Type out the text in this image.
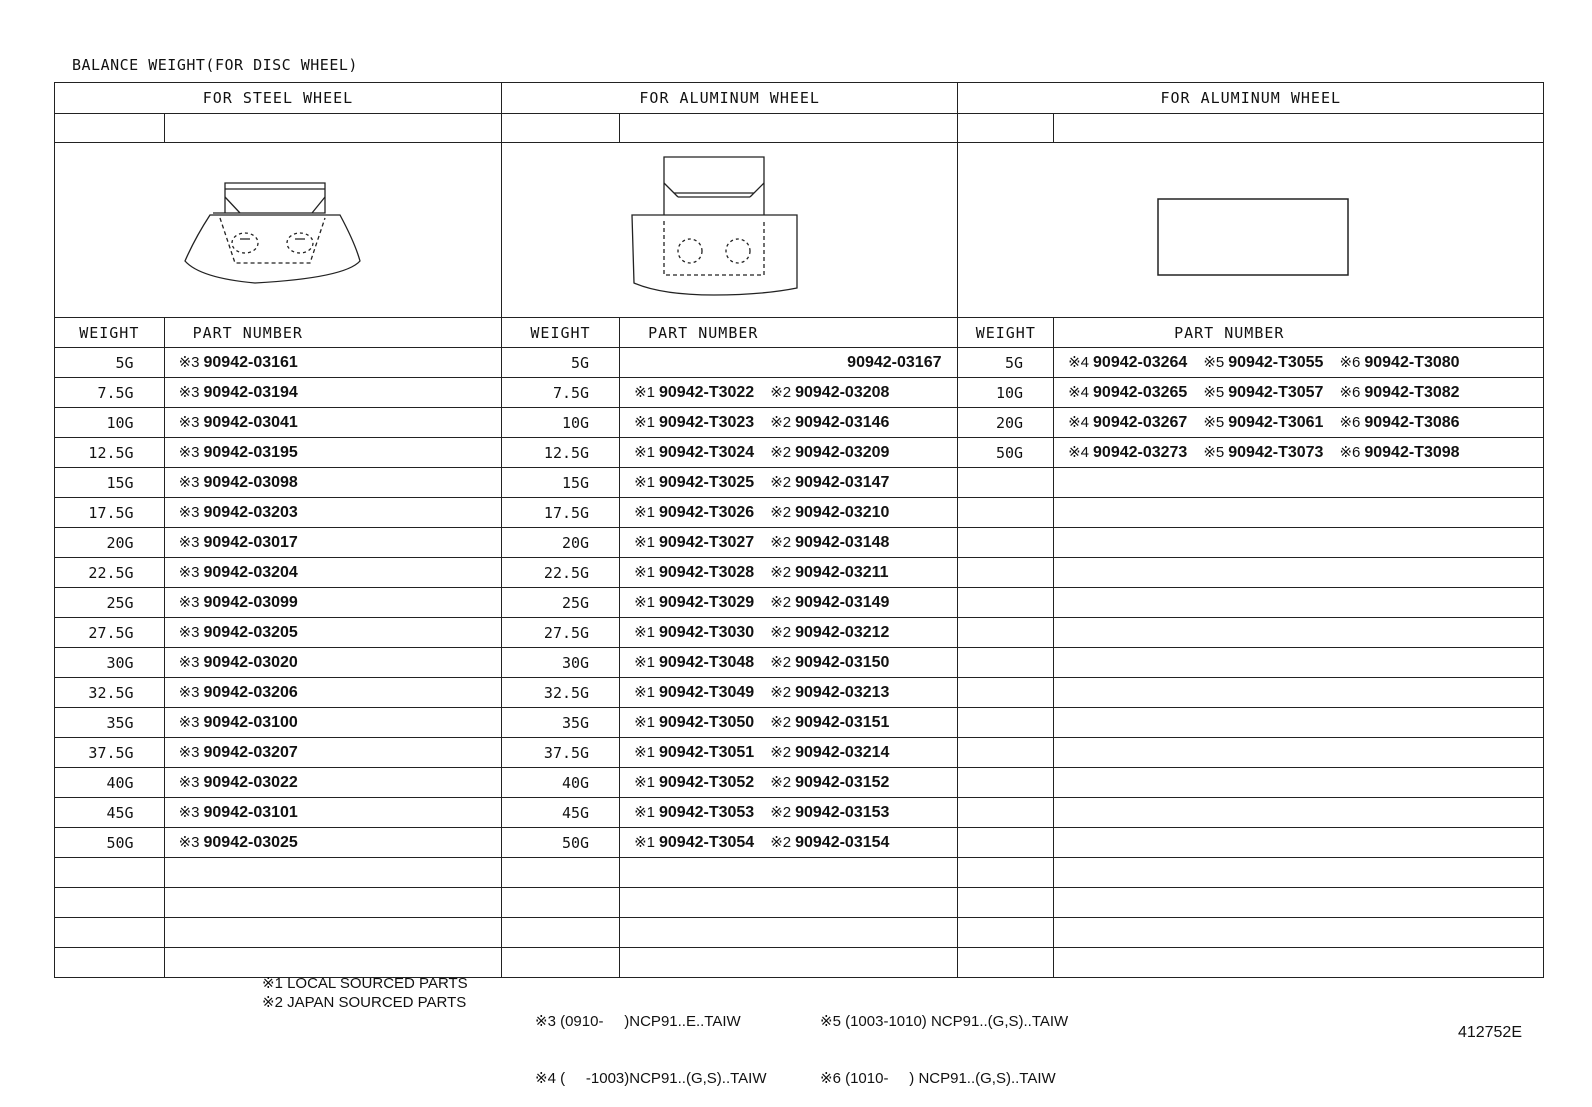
BALANCE WEIGHT(FOR DISC WHEEL)
FOR STEEL WHEEL		FOR ALUMINUM WHEEL		FOR ALUMINUM WHEEL	

WEIGHT	PART NUMBER	WEIGHT	PART NUMBER	WEIGHT	PART NUMBER
5G	※3 90942-03161	5G	90942-03167	5G	※4 90942-03264 ※5 90942-T3055 ※6 90942-T3080
7.5G	※3 90942-03194	7.5G	※1 90942-T3022 ※2 90942-03208	10G	※4 90942-03265 ※5 90942-T3057 ※6 90942-T3082
10G	※3 90942-03041	10G	※1 90942-T3023 ※2 90942-03146	20G	※4 90942-03267 ※5 90942-T3061 ※6 90942-T3086
12.5G	※3 90942-03195	12.5G	※1 90942-T3024 ※2 90942-03209	50G	※4 90942-03273 ※5 90942-T3073 ※6 90942-T3098
15G	※3 90942-03098	15G	※1 90942-T3025 ※2 90942-03147		
17.5G	※3 90942-03203	17.5G	※1 90942-T3026 ※2 90942-03210		
20G	※3 90942-03017	20G	※1 90942-T3027 ※2 90942-03148		
22.5G	※3 90942-03204	22.5G	※1 90942-T3028 ※2 90942-03211		
25G	※3 90942-03099	25G	※1 90942-T3029 ※2 90942-03149		
27.5G	※3 90942-03205	27.5G	※1 90942-T3030 ※2 90942-03212		
30G	※3 90942-03020	30G	※1 90942-T3048 ※2 90942-03150		
32.5G	※3 90942-03206	32.5G	※1 90942-T3049 ※2 90942-03213		
35G	※3 90942-03100	35G	※1 90942-T3050 ※2 90942-03151		
37.5G	※3 90942-03207	37.5G	※1 90942-T3051 ※2 90942-03214		
40G	※3 90942-03022	40G	※1 90942-T3052 ※2 90942-03152		
45G	※3 90942-03101	45G	※1 90942-T3053 ※2 90942-03153		
50G	※3 90942-03025	50G	※1 90942-T3054 ※2 90942-03154		

※1 LOCAL SOURCED PARTS
※2 JAPAN SOURCED PARTS

※3 (0910-     )NCP91..E..TAIW

※4 (     -1003)NCP91..(G,S)..TAIW

※5 (1003-1010) NCP91..(G,S)..TAIW

※6 (1010-     ) NCP91..(G,S)..TAIW

412752E
